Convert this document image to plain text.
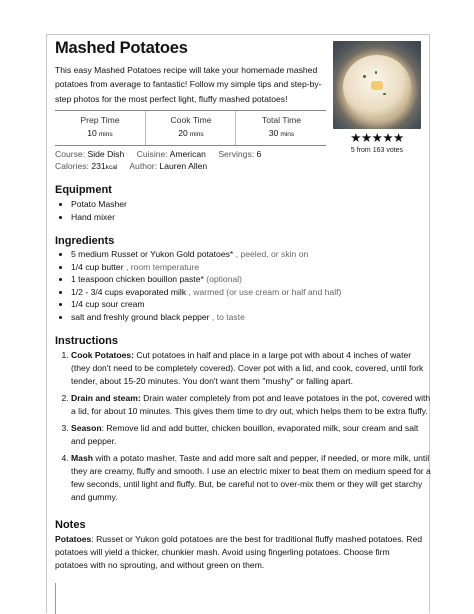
Mashed Potatoes
This easy Mashed Potatoes recipe will take your homemade mashed potatoes from average to fantastic! Follow my simple tips and step-by-step photos for the most perfect light, fluffy mashed potatoes!
★★★★★
5 from 163 votes
Prep Time
10 mins
Cook Time
20 mins
Total Time
30 mins
Course: Side Dish Cuisine: American Servings: 6
Calories: 231kcal Author: Lauren Allen
Equipment
• Potato Masher
• Hand mixer
Ingredients
• 5 medium Russet or Yukon Gold potatoes* , peeled, or skin on
• 1/4 cup butter , room temperature
• 1 teaspoon chicken bouillon paste* (optional)
• 1/2 - 3/4 cups evaporated milk , warmed (or use cream or half and half)
• 1/4 cup sour cream
• salt and freshly ground black pepper , to taste
Instructions
1. Cook Potatoes: Cut potatoes in half and place in a large pot with about 4 inches of water (they don't need to be completely covered). Cover pot with a lid, and cook, covered, until fork tender, about 15-20 minutes. You don't want them "mushy" or falling apart.
2. Drain and steam: Drain water completely from pot and leave potatoes in the pot, covered with a lid, for about 10 minutes. This gives them time to dry out, which helps them to be extra fluffy.
3. Season: Remove lid and add butter, chicken bouillon, evaporated milk, sour cream and salt and pepper.
4. Mash with a potato masher. Taste and add more salt and pepper, if needed, or more milk, until they are creamy, fluffy and smooth. I use an electric mixer to beat them on medium speed for a few seconds, until light and fluffy. But, be careful not to over-mix them or they will get starchy and gummy.
Notes
Potatoes: Russet or Yukon gold potatoes are the best for traditional fluffy mashed potatoes. Red potatoes will yield a thicker, chunkier mash. Avoid using fingerling potatoes. Choose firm potatoes with no sprouting, and without green on them.
